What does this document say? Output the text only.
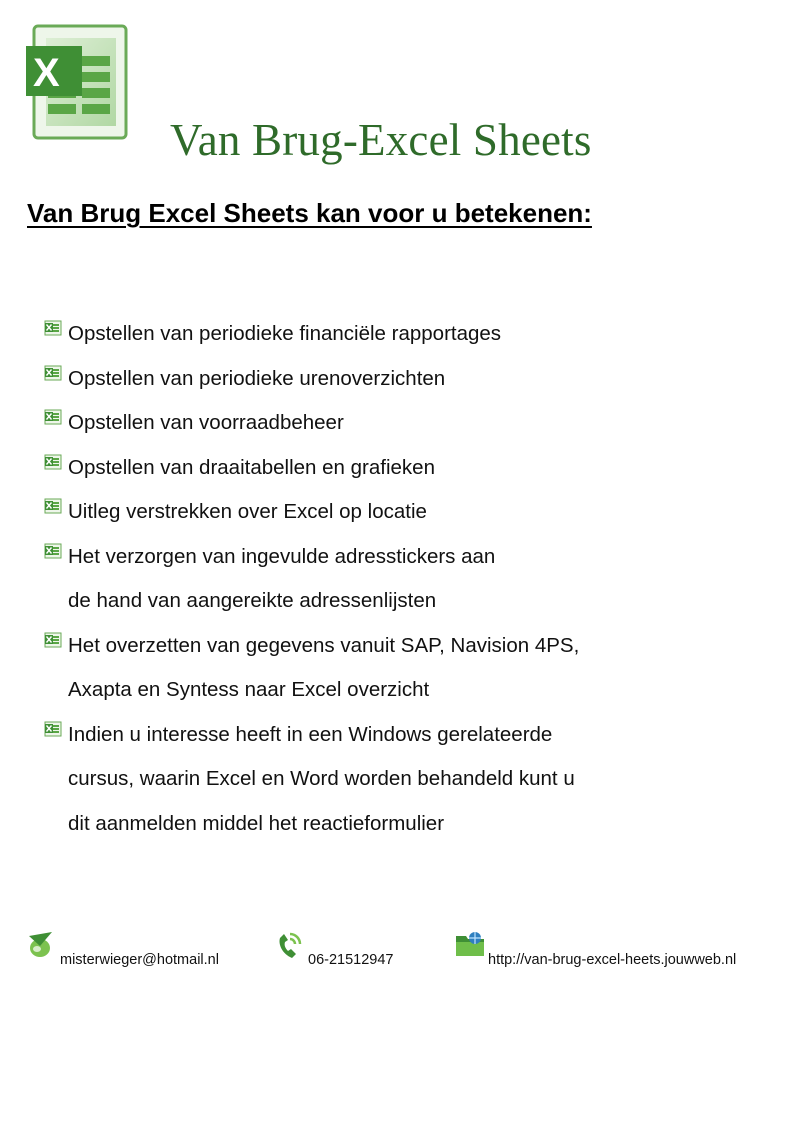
X
Van Brug-Excel Sheets
Van Brug Excel Sheets kan voor u betekenen:
Opstellen van periodieke financiële rapportages
Opstellen van periodieke urenoverzichten
Opstellen van voorraadbeheer
Opstellen van draaitabellen en grafieken
Uitleg verstrekken over Excel op locatie
Het verzorgen van ingevulde adresstickers aan
de hand van aangereikte adressenlijsten
Het overzetten van gegevens vanuit SAP, Navision 4PS,
Axapta en Syntess naar Excel overzicht
Indien u interesse heeft in een Windows gerelateerde
cursus, waarin Excel en Word worden behandeld kunt u
dit aanmelden middel het reactieformulier
misterwieger@hotmail.nl	06-21512947	http://van-brug-excel-heets.jouwweb.nl
